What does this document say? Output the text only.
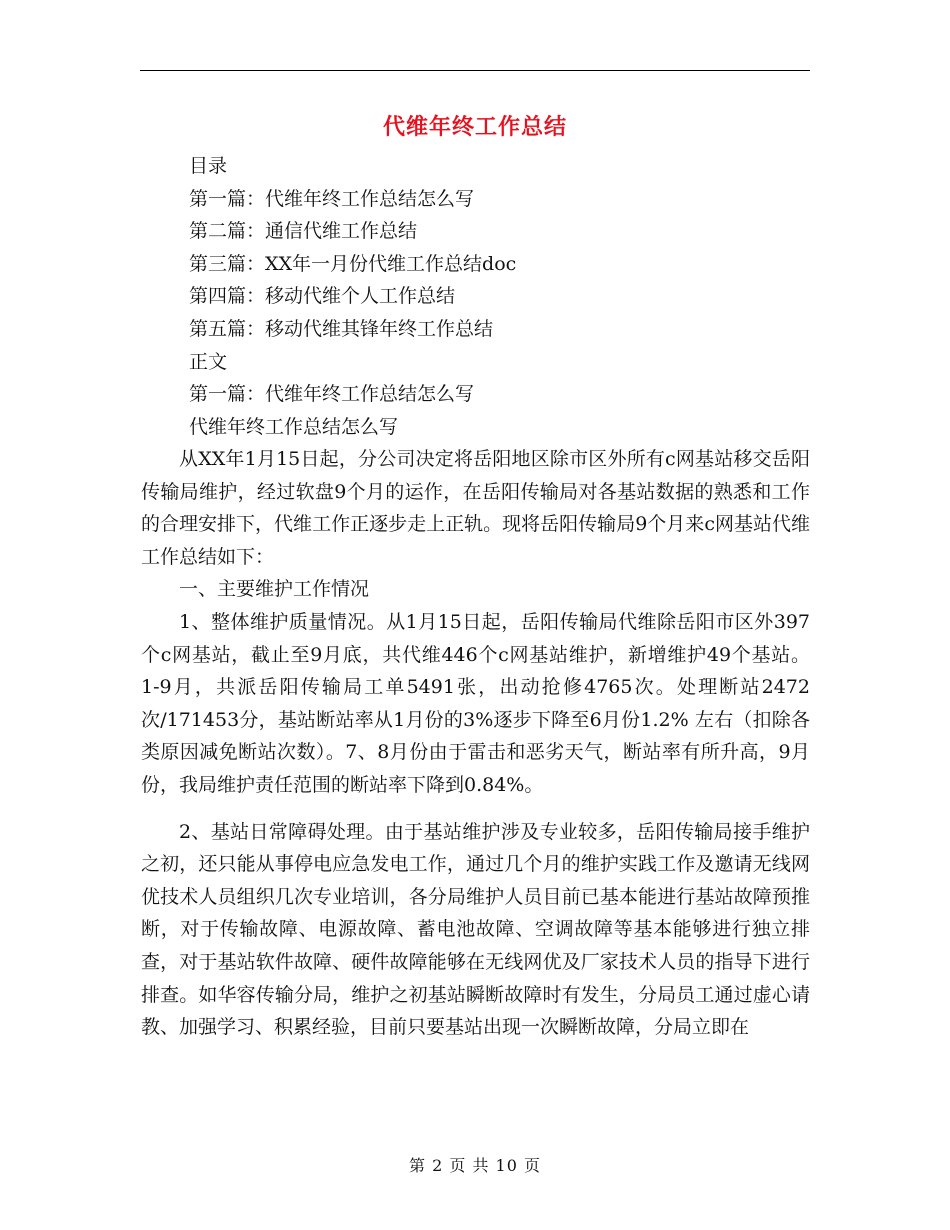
代维年终工作总结
目录
第一篇：代维年终工作总结怎么写
第二篇：通信代维工作总结
第三篇：XX年一月份代维工作总结doc
第四篇：移动代维个人工作总结
第五篇：移动代维其锋年终工作总结
正文
第一篇：代维年终工作总结怎么写
代维年终工作总结怎么写

从XX年1月15日起，分公司决定将岳阳地区除市区外所有c网基站移交岳阳传输局维护，经过软盘9个月的运作，在岳阳传输局对各基站数据的熟悉和工作的合理安排下，代维工作正逐步走上正轨。现将岳阳传输局9个月来c网基站代维工作总结如下：

一、主要维护工作情况

1、整体维护质量情况。从1月15日起，岳阳传输局代维除岳阳市区外397个c网基站，截止至9月底，共代维446个c网基站维护，新增维护49个基站。 1-9月，共派岳阳传输局工单5491张，出动抢修4765次。处理断站2472次/171453分，基站断站率从1月份的3%逐步下降至6月份1.2% 左右（扣除各类原因减免断站次数）。7、8月份由于雷击和恶劣天气，断站率有所升高，9月份，我局维护责任范围的断站率下降到0.84%。

2、基站日常障碍处理。由于基站维护涉及专业较多，岳阳传输局接手维护之初，还只能从事停电应急发电工作，通过几个月的维护实践工作及邀请无线网优技术人员组织几次专业培训，各分局维护人员目前已基本能进行基站故障预推断，对于传输故障、电源故障、蓄电池故障、空调故障等基本能够进行独立排查，对于基站软件故障、硬件故障能够在无线网优及厂家技术人员的指导下进行排查。如华容传输分局，维护之初基站瞬断故障时有发生，分局员工通过虚心请教、加强学习、积累经验，目前只要基站出现一次瞬断故障，分局立即在

第 2 页 共 10 页
